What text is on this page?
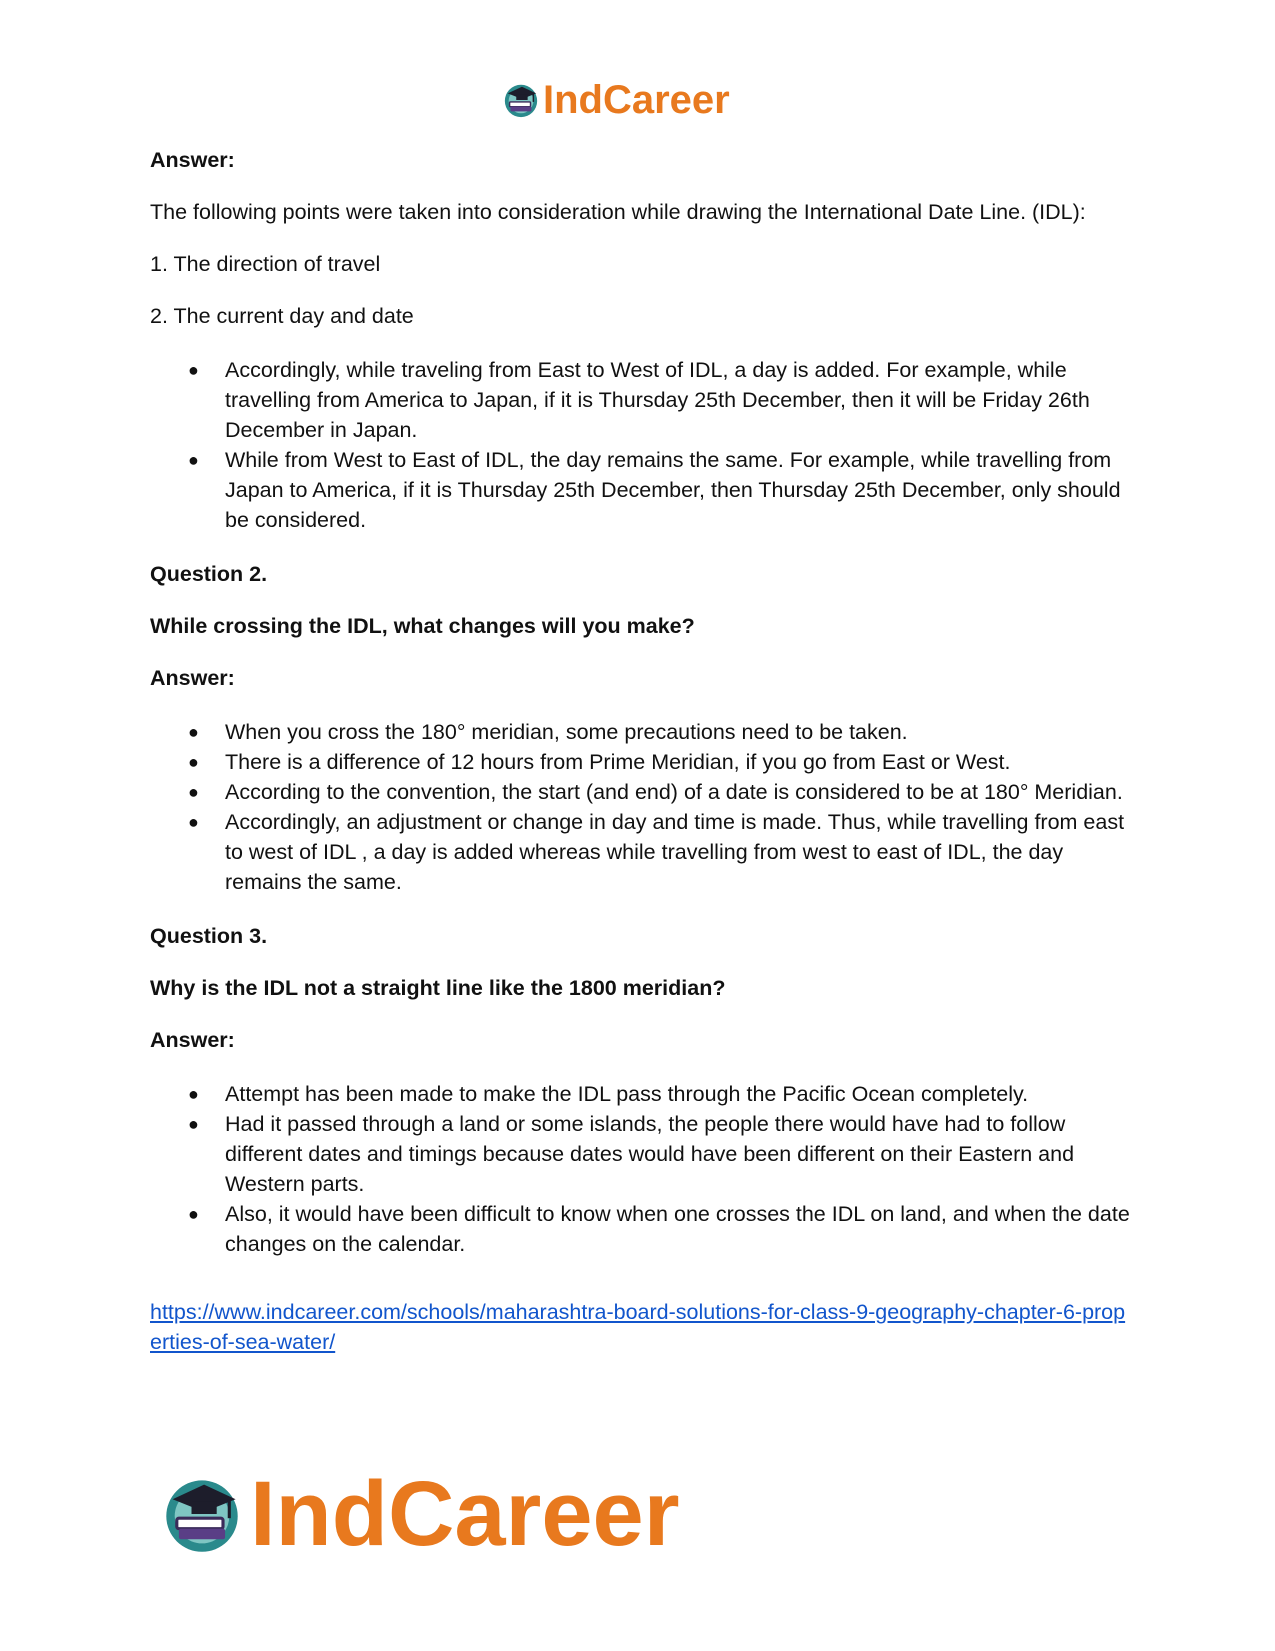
IndCareer

Answer:

The following points were taken into consideration while drawing the International Date Line. (IDL):

1. The direction of travel

2. The current day and date

● Accordingly, while traveling from East to West of IDL, a day is added. For example, while travelling from America to Japan, if it is Thursday 25th December, then it will be Friday 26th December in Japan.
● While from West to East of IDL, the day remains the same. For example, while travelling from Japan to America, if it is Thursday 25th December, then Thursday 25th December, only should be considered.

Question 2.

While crossing the IDL, what changes will you make?

Answer:

● When you cross the 180° meridian, some precautions need to be taken.
● There is a difference of 12 hours from Prime Meridian, if you go from East or West.
● According to the convention, the start (and end) of a date is considered to be at 180° Meridian.
● Accordingly, an adjustment or change in day and time is made. Thus, while travelling from east to west of IDL , a day is added whereas while travelling from west to east of IDL, the day remains the same.

Question 3.

Why is the IDL not a straight line like the 1800 meridian?

Answer:

● Attempt has been made to make the IDL pass through the Pacific Ocean completely.
● Had it passed through a land or some islands, the people there would have had to follow different dates and timings because dates would have been different on their Eastern and Western parts.
● Also, it would have been difficult to know when one crosses the IDL on land, and when the date changes on the calendar.
https://www.indcareer.com/schools/maharashtra-board-solutions-for-class-9-geography-chapter-6-properties-of-sea-water/
IndCareer
